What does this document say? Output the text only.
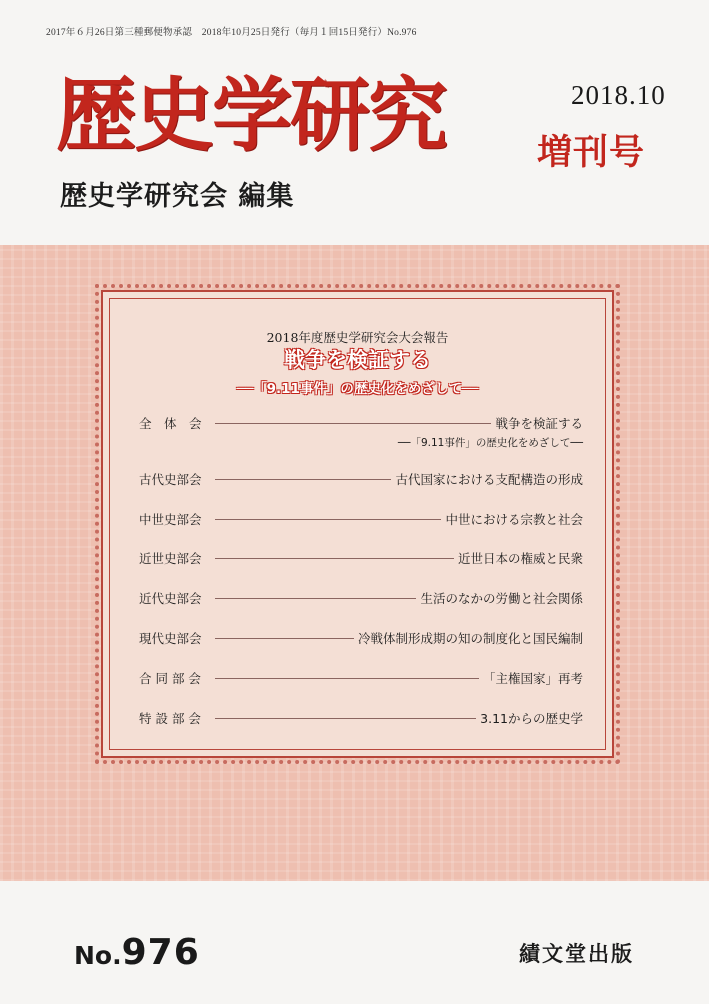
2017年６月26日第三種郵便物承認　2018年10月25日発行（毎月１回15日発行）No.976
歴史学研究	2018.10
増刊号
歴史学研究会 編集
2018年度歴史学研究会大会報告
戦争を検証する
──「9.11事件」の歴史化をめざして──
全　体　会	戦争を検証する
──「9.11事件」の歴史化をめざして──
古代史部会	古代国家における支配構造の形成
中世史部会	中世における宗教と社会
近世史部会	近世日本の権威と民衆
近代史部会	生活のなかの労働と社会関係
現代史部会	冷戦体制形成期の知の制度化と国民編制
合 同 部 会	「主権国家」再考
特 設 部 会	3.11からの歴史学
No.976	績文堂出版
